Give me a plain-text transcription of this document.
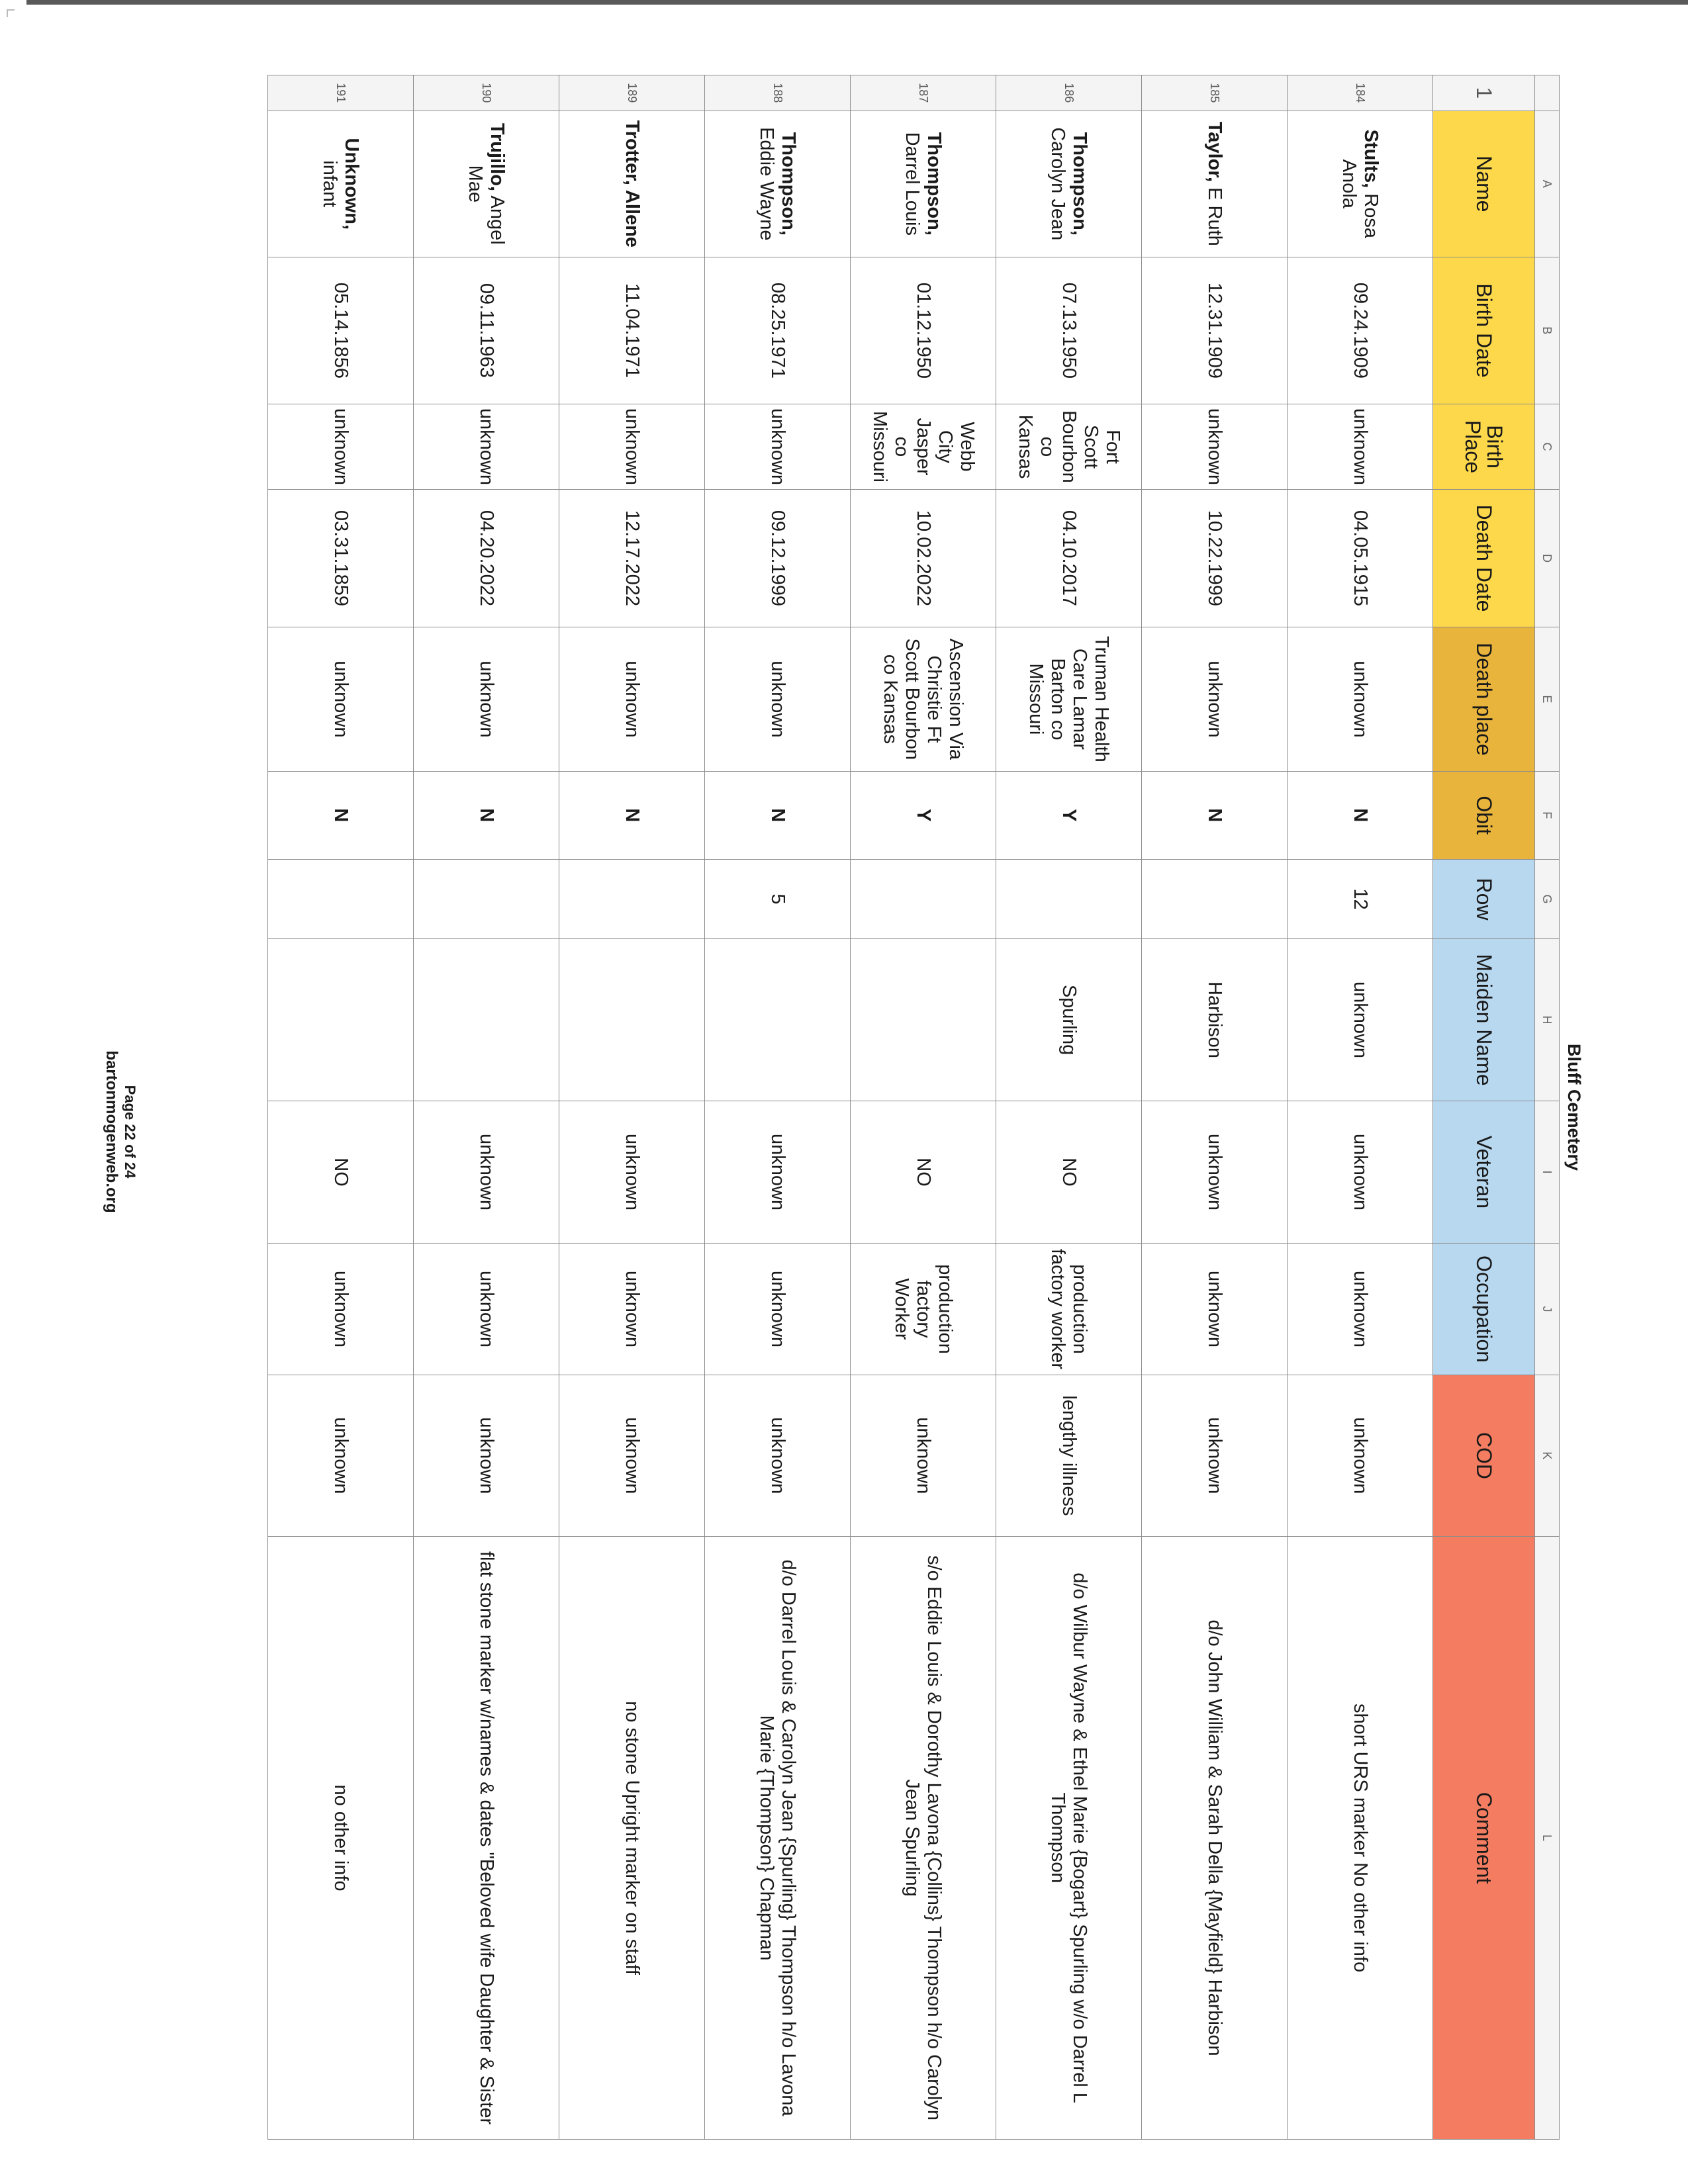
Bluff Cemetery
	A	B	C	D	E	F	G	H	I	J	K	L
1	Name	Birth Date	Birth Place	Death Date	Death place	Obit	Row	Maiden Name	Veteran	Occupation	COD	Comment
184	Stults, Rosa Anola	09.24.1909	unknown	04.05.1915	unknown	N	12	unknown	unknown	unknown	unknown	short URS marker No other info
185	Taylor, E Ruth	12.31.1909	unknown	10.22.1999	unknown	N		Harbison	unknown	unknown	unknown	d/o John William & Sarah Della {Mayfield} Harbison
186	Thompson, Carolyn Jean	07.13.1950	Fort Scott Bourbon co Kansas	04.10.2017	Truman Health Care Lamar Barton co Missouri	Y		Spurling	NO	production factory worker	lengthy illness	d/o Wilbur Wayne & Ethel Marie {Bogart} Spurling w/o Darrel L Thompson
187	Thompson, Darrel Louis	01.12.1950	Webb City Jasper co Missouri	10.02.2022	Ascension Via Christie Ft Scott Bourbon co Kansas	Y			NO	production factory Worker	unknown	s/o Eddie Louis & Dorothy Lavona {Collins} Thompson h/o Carolyn Jean Spurling
188	Thompson, Eddie Wayne	08.25.1971	unknown	09.12.1999	unknown	N	5		unknown	unknown	unknown	d/o Darrel Louis & Carolyn Jean {Spurling} Thompson h/o Lavona Marie {Thompson} Chapman
189	Trotter, Allene	11.04.1971	unknown	12.17.2022	unknown	N			unknown	unknown	unknown	no stone Upright marker on staff
190	Trujillo, Angel Mae	09.11.1963	unknown	04.20.2022	unknown	N			unknown	unknown	unknown	flat stone marker w/names & dates "Beloved wife Daughter & Sister
191	Unknown, infant	05.14.1856	unknown	03.31.1859	unknown	N			NO	unknown	unknown	no other info
Page 22 of 24
bartonmogenweb.org
